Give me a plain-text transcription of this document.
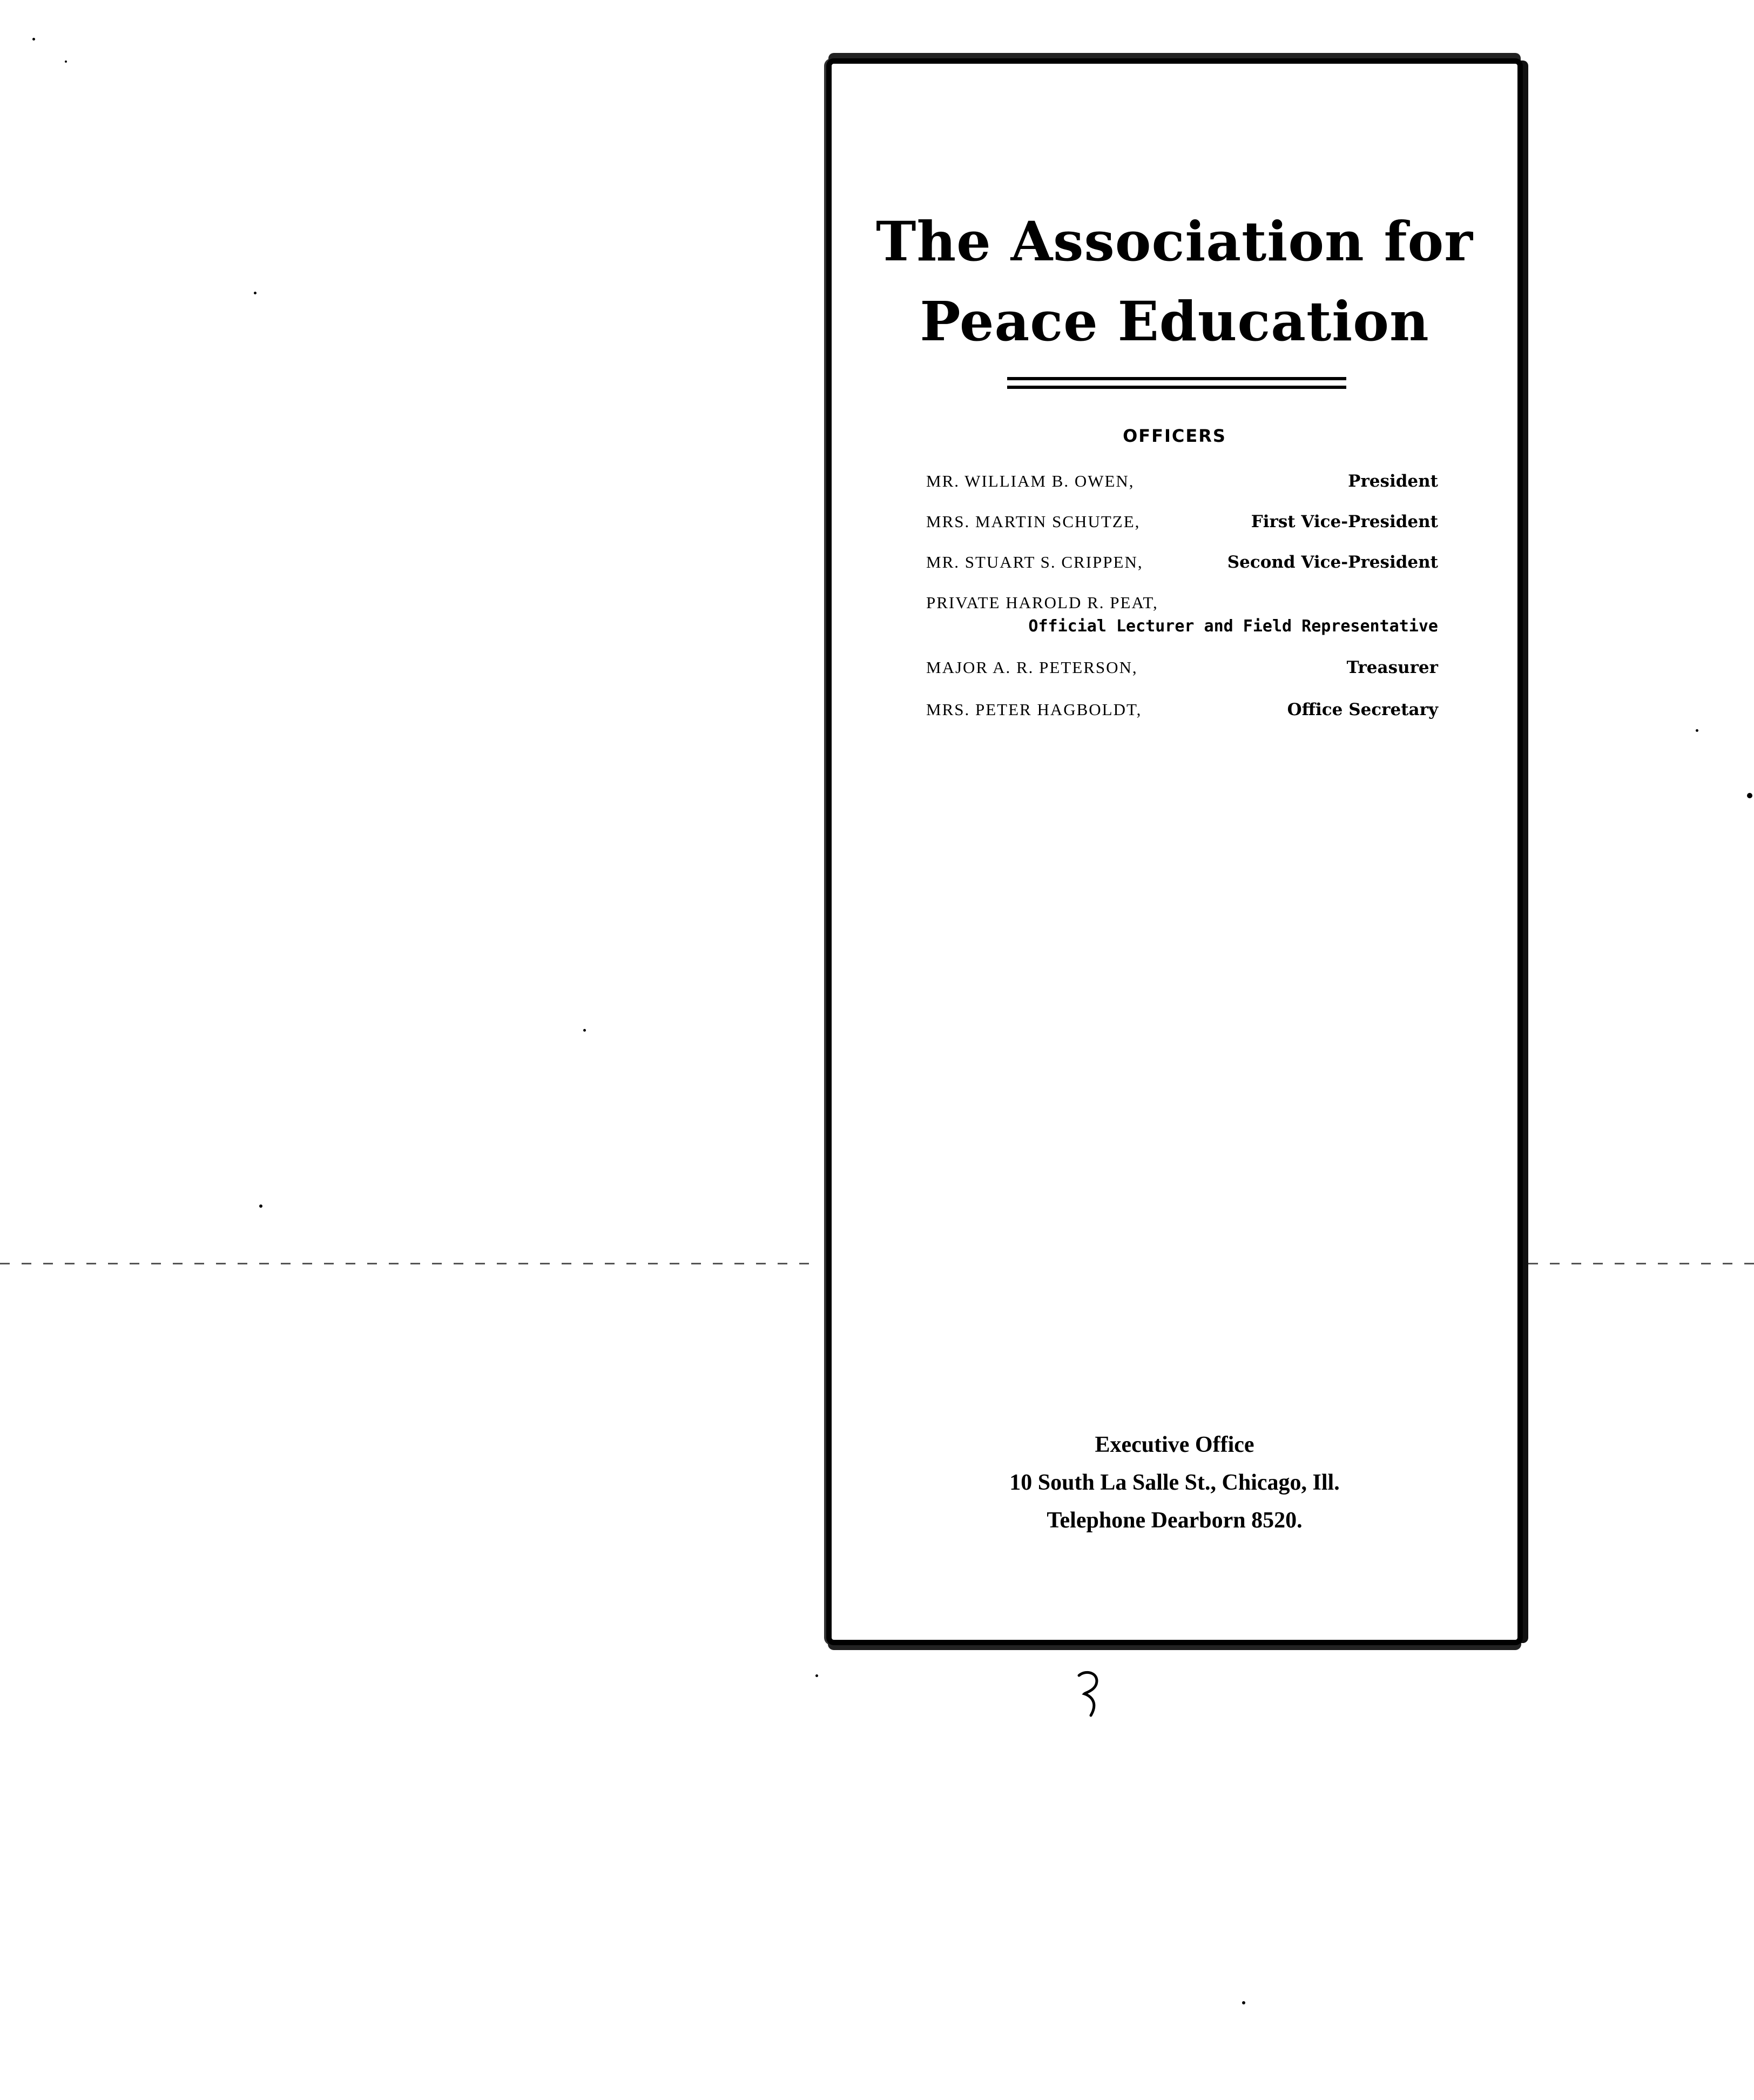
The Association for
Peace Education
OFFICERS
MR. WILLIAM B. OWEN,	President
MRS. MARTIN SCHUTZE,	First Vice-President
MR. STUART S. CRIPPEN,	Second Vice-President
PRIVATE HAROLD R. PEAT,
Official Lecturer and Field Representative
MAJOR A. R. PETERSON,	Treasurer
MRS. PETER HAGBOLDT,	Office Secretary
Executive Office
10 South La Salle St., Chicago, Ill.
Telephone Dearborn 8520.
